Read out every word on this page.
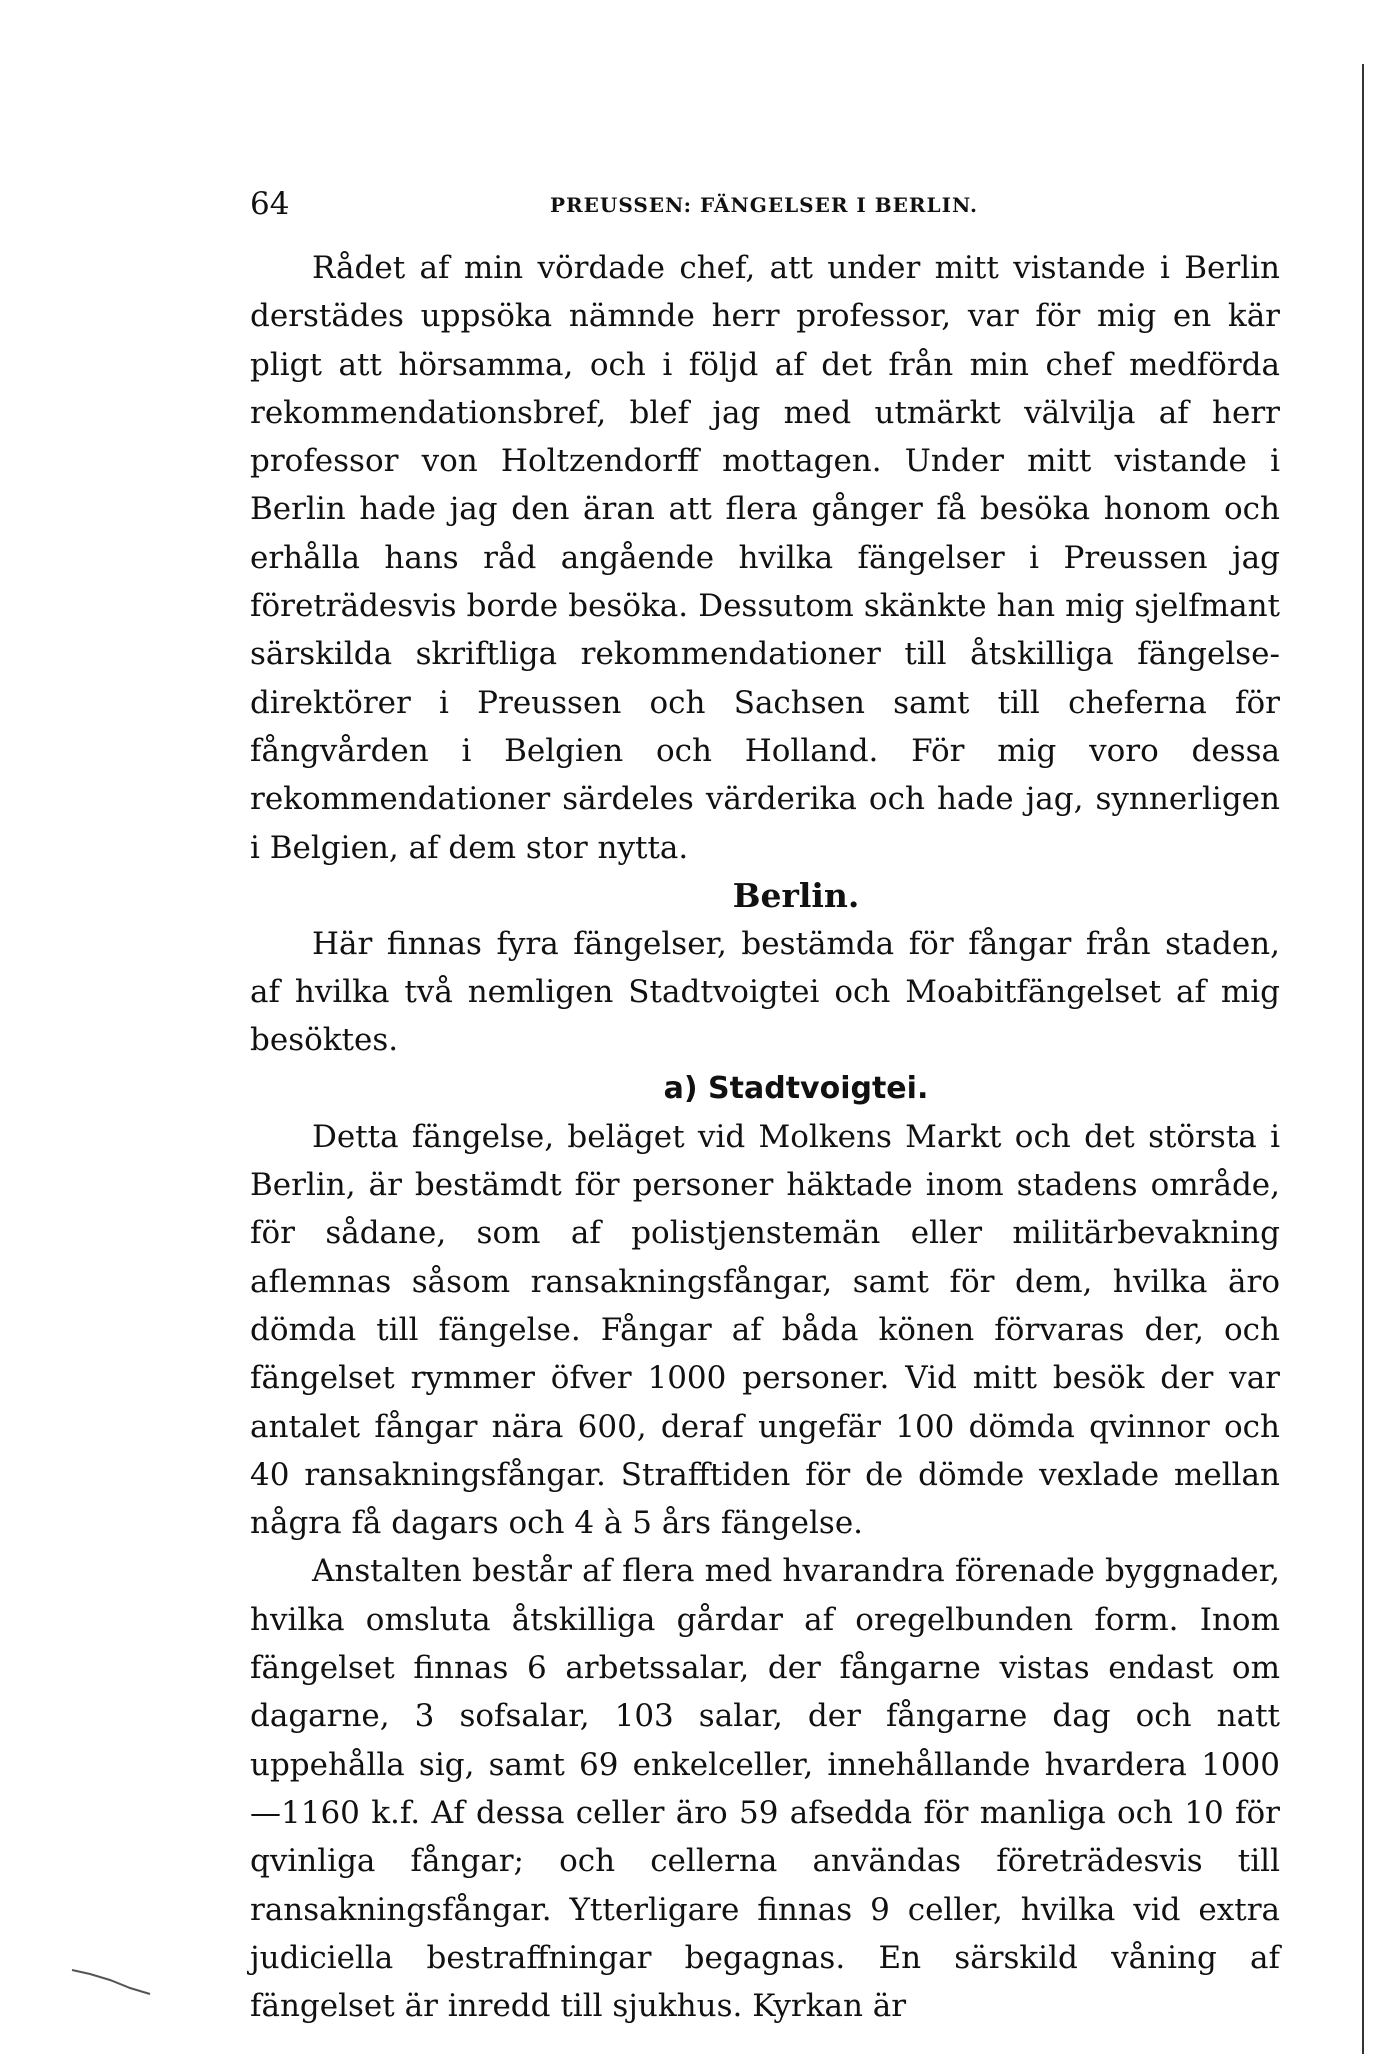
64	PREUSSEN: FÄNGELSER I BERLIN.

Rådet af min vördade chef, att under mitt vistande i Berlin derstädes uppsöka nämnde herr professor, var för mig en kär pligt att hörsamma, och i följd af det från min chef medförda rekommendationsbref, blef jag med utmärkt välvilja af herr professor von Holtzendorff mottagen. Under mitt vistande i Berlin hade jag den äran att flera gånger få besöka honom och erhålla hans råd angående hvilka fängelser i Preussen jag företrädesvis borde besöka. Dessutom skänkte han mig sjelfmant särskilda skriftliga rekommendationer till åtskilliga fängelse-direktörer i Preussen och Sachsen samt till cheferna för fångvården i Belgien och Holland. För mig voro dessa rekommendationer särdeles värderika och hade jag, synnerligen i Belgien, af dem stor nytta.

Berlin.

Här finnas fyra fängelser, bestämda för fångar från staden, af hvilka två nemligen Stadtvoigtei och Moabitfängelset af mig besöktes.

a) Stadtvoigtei.

Detta fängelse, beläget vid Molkens Markt och det största i Berlin, är bestämdt för personer häktade inom stadens område, för sådane, som af polistjenstemän eller militärbevakning aflemnas såsom ransakningsfångar, samt för dem, hvilka äro dömda till fängelse. Fångar af båda könen förvaras der, och fängelset rymmer öfver 1000 personer. Vid mitt besök der var antalet fångar nära 600, deraf ungefär 100 dömda qvinnor och 40 ransakningsfångar. Strafftiden för de dömde vexlade mellan några få dagars och 4 à 5 års fängelse.

Anstalten består af flera med hvarandra förenade byggnader, hvilka omsluta åtskilliga gårdar af oregelbunden form. Inom fängelset finnas 6 arbetssalar, der fångarne vistas endast om dagarne, 3 sofsalar, 103 salar, der fångarne dag och natt uppehålla sig, samt 69 enkelceller, innehållande hvardera 1000—1160 k.f. Af dessa celler äro 59 afsedda för manliga och 10 för qvinliga fångar; och cellerna användas företrädesvis till ransakningsfångar. Ytterligare finnas 9 celler, hvilka vid extra judiciella bestraffningar begagnas. En särskild våning af fängelset är inredd till sjukhus. Kyrkan är
